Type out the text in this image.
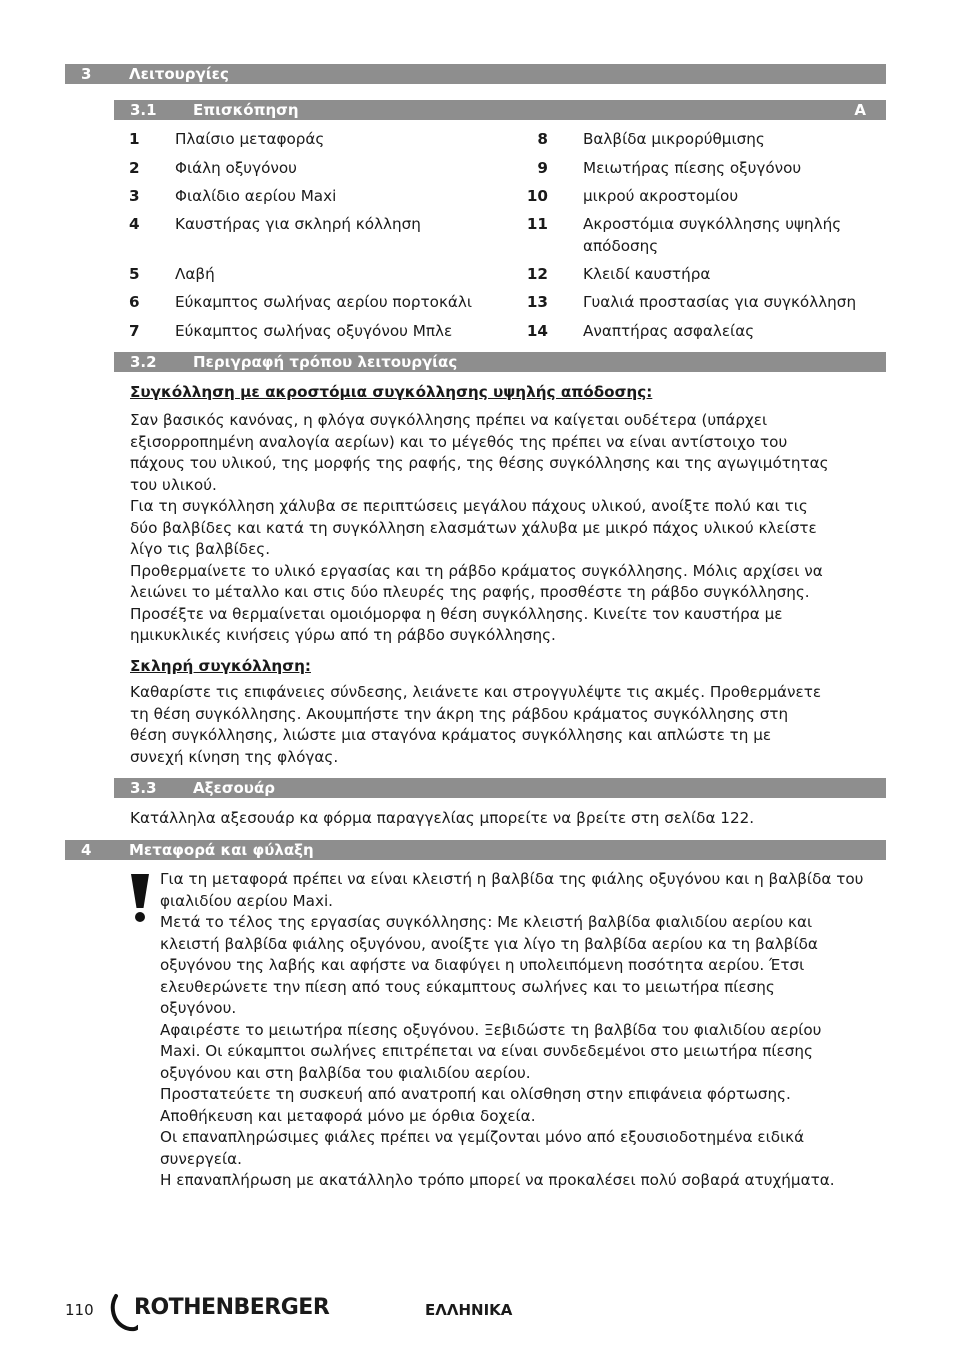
3	Λειτουργίες
3.1 Επισκόπηση	A
1 Πλαίσιο μεταφοράς
2 Φιάλη οξυγόνου
3 Φιαλίδιο αερίου Maxi
4 Καυστήρας για σκληρή κόλληση
5 Λαβή
6 Εύκαμπτος σωλήνας αερίου πορτοκάλι
7 Εύκαμπτος σωλήνας οξυγόνου Μπλε
8 Βαλβίδα μικρορύθμισης
9 Μειωτήρας πίεσης οξυγόνου
10 μικρού ακροστομίου
11 Ακροστόμια συγκόλλησης υψηλής
απόδοσης
12 Κλειδί καυστήρα
13 Γυαλιά προστασίας για συγκόλληση
14 Αναπτήρας ασφαλείας
3.2 Περιγραφή τρόπου λειτουργίας
Συγκόλληση με ακροστόμια συγκόλλησης υψηλής απόδοσης:

Σαν βασικός κανόνας, η φλόγα συγκόλλησης πρέπει να καίγεται ουδέτερα (υπάρχει

εξισορροπημένη αναλογία αερίων) και το μέγεθός της πρέπει να είναι αντίστοιχο του

πάχους του υλικού, της μορφής της ραφής, της θέσης συγκόλλησης και της αγωγιμότητας

του υλικού.

Για τη συγκόλληση χάλυβα σε περιπτώσεις μεγάλου πάχους υλικού, ανοίξτε πολύ και τις

δύο βαλβίδες και κατά τη συγκόλληση ελασμάτων χάλυβα με μικρό πάχος υλικού κλείστε

λίγο τις βαλβίδες.

Προθερμαίνετε το υλικό εργασίας και τη ράβδο κράματος συγκόλλησης. Μόλις αρχίσει να

λειώνει το μέταλλο και στις δύο πλευρές της ραφής, προσθέστε τη ράβδο συγκόλλησης.

Προσέξτε να θερμαίνεται ομοιόμορφα η θέση συγκόλλησης. Κινείτε τον καυστήρα με

ημικυκλικές κινήσεις γύρω από τη ράβδο συγκόλλησης.

Σκληρή συγκόλληση:

Καθαρίστε τις επιφάνειες σύνδεσης, λειάνετε και στρογγυλέψτε τις ακμές. Προθερμάνετε

τη θέση συγκόλλησης. Ακουμπήστε την άκρη της ράβδου κράματος συγκόλλησης στη

θέση συγκόλλησης, λιώστε μια σταγόνα κράματος συγκόλλησης και απλώστε τη με

συνεχή κίνηση της φλόγας.

3.3 Αξεσουάρ
Κατάλληλα αξεσουάρ κα φόρμα παραγγελίας μπορείτε να βρείτε στη σελίδα 122.
4	Μεταφορά και φύλαξη

Για τη μεταφορά πρέπει να είναι κλειστή η βαλβίδα της φιάλης οξυγόνου και η βαλβίδα του

φιαλιδίου αερίου Maxi.

Μετά το τέλος της εργασίας συγκόλλησης: Με κλειστή βαλβίδα φιαλιδίου αερίου και

κλειστή βαλβίδα φιάλης οξυγόνου, ανοίξτε για λίγο τη βαλβίδα αερίου κα τη βαλβίδα

οξυγόνου της λαβής και αφήστε να διαφύγει η υπολειπόμενη ποσότητα αερίου. Έτσι

ελευθερώνετε την πίεση από τους εύκαμπτους σωλήνες και το μειωτήρα πίεσης

οξυγόνου.

Αφαιρέστε το μειωτήρα πίεσης οξυγόνου. Ξεβιδώστε τη βαλβίδα του φιαλιδίου αερίου

Maxi. Οι εύκαμπτοι σωλήνες επιτρέπεται να είναι συνδεδεμένοι στο μειωτήρα πίεσης

οξυγόνου και στη βαλβίδα του φιαλιδίου αερίου.

Προστατεύετε τη συσκευή από ανατροπή και ολίσθηση στην επιφάνεια φόρτωσης.

Αποθήκευση και μεταφορά μόνο με όρθια δοχεία.

Οι επαναπληρώσιμες φιάλες πρέπει να γεμίζονται μόνο από εξουσιοδοτημένα ειδικά

συνεργεία.

Η επαναπλήρωση με ακατάλληλο τρόπο μπορεί να προκαλέσει πολύ σοβαρά ατυχήματα.

110 ROTHENBERGER	ΕΛΛΗΝΙΚΑ
